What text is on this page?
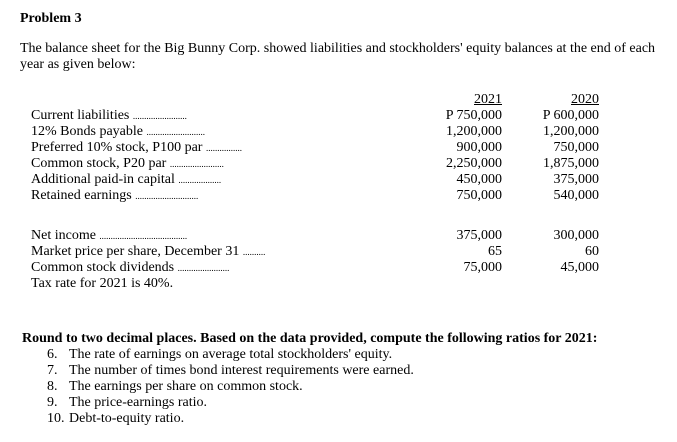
Problem 3
The balance sheet for the Big Bunny Corp. showed liabilities and stockholders' equity balances at the end of each year as given below:
2021	2020
Current liabilities ........................	P 750,000	P 600,000
12% Bonds payable ..........................	1,200,000	1,200,000
Preferred 10% stock, P100 par ................	900,000	750,000
Common stock, P20 par ........................	2,250,000	1,875,000
Additional paid-in capital ...................	450,000	375,000
Retained earnings ............................	750,000	540,000
Net income .......................................	375,000	300,000
Market price per share, December 31 ..........	65	60
Common stock dividends .......................	75,000	45,000
Tax rate for 2021 is 40%.
Round to two decimal places. Based on the data provided, compute the following ratios for 2021:
6. The rate of earnings on average total stockholders' equity.
7. The number of times bond interest requirements were earned.
8. The earnings per share on common stock.
9. The price-earnings ratio.
10. Debt-to-equity ratio.
